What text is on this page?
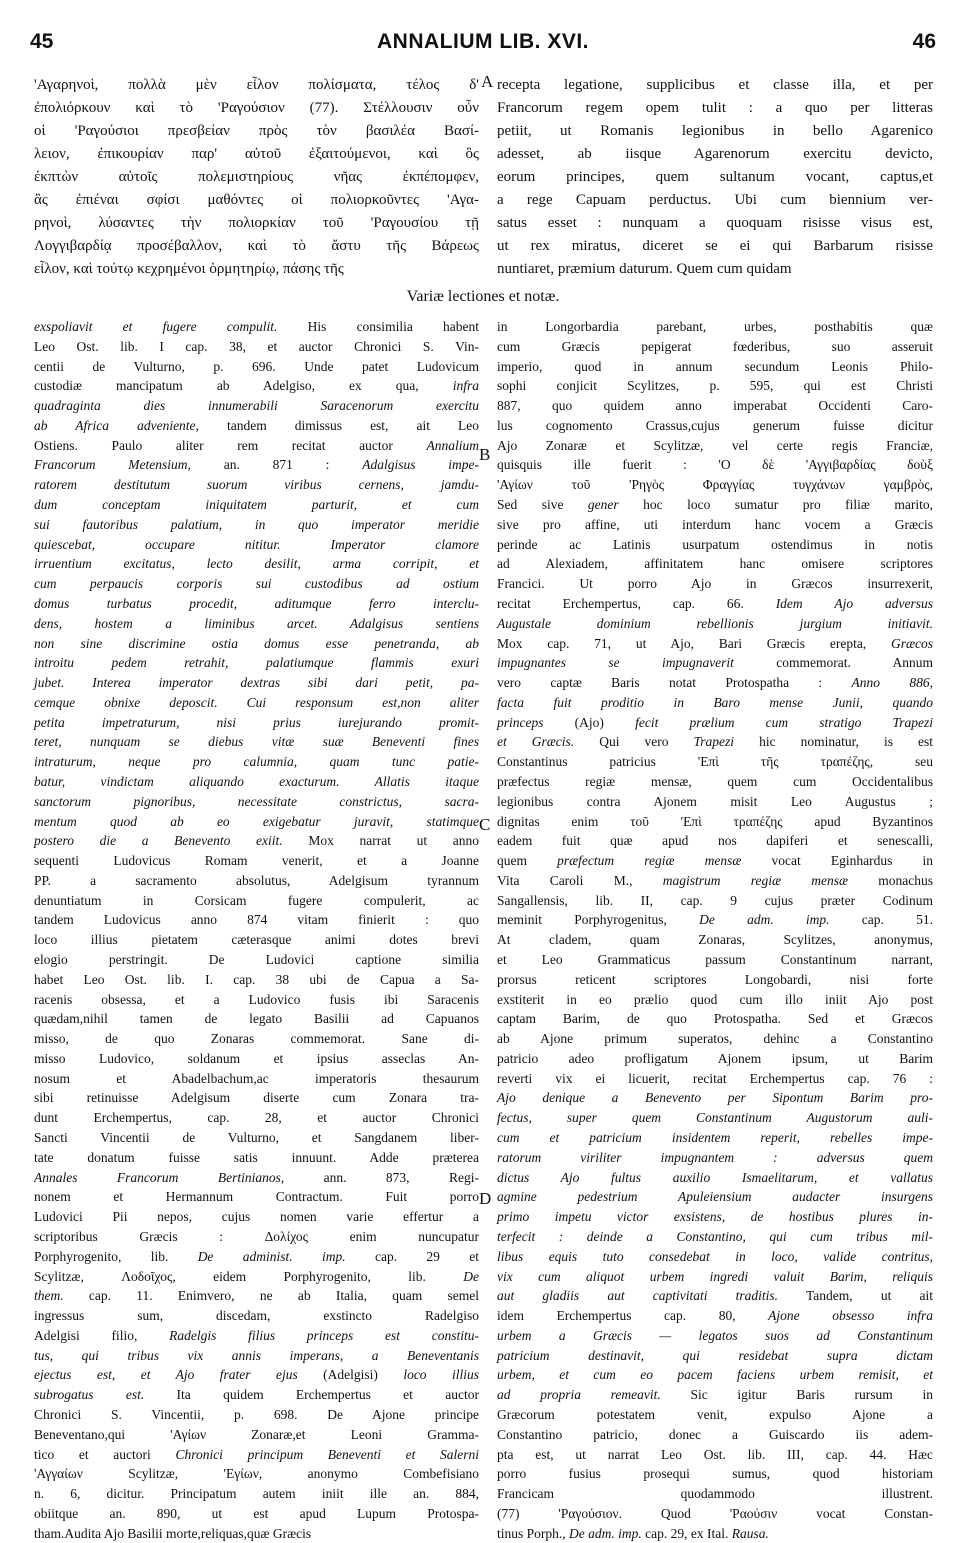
45	ANNALIUM LIB. XVI.	46
'Αγαρηνοὶ, πολλὰ μὲν εἷλον πολίσματα, τέλος δ'
ἐπολιόρκουν καὶ τὸ 'Ραγούσιον (77). Στέλλουσιν οὖν
οἱ 'Ραγούσιοι πρεσβείαν πρὸς τὸν βασιλέα Βασί-
λειον, ἐπικουρίαν παρ' αὐτοῦ ἐξαιτούμενοι, καὶ ὃς
ἐκπτὼν αὐτοῖς πολεμιστηρίους νῆας ἐκπέπομφεν,
ἃς ἐπιέναι σφίσι μαθόντες οἱ πολιορκοῦντες 'Αγα-
ρηνοὶ, λύσαντες τὴν πολιορκίαν τοῦ 'Ραγουσίου τῇ
Λογγιβαρδίᾳ προσέβαλλον, καὶ τὸ ἄστυ τῆς Βάρεως
εἷλον, καὶ τούτῳ κεχρημένοι ὁρμητηρίῳ, πάσης τῆς
recepta legatione, supplicibus et classe illa, et per
Francorum regem opem tulit : a quo per litteras
petiit, ut Romanis legionibus in bello Agarenico
adesset, ab iisque Agarenorum exercitu devicto,
eorum principes, quem sultanum vocant, captus,et
a rege Capuam perductus. Ubi cum biennium ver-
satus esset : nunquam a quoquam risisse visus est,
ut rex miratus, diceret se ei qui Barbarum risisse
nuntiaret, præmium daturum. Quem cum quidam
Variæ lectiones et notæ.
exspoliavit et fugere compulit. His consimilia habent
Leo Ost. lib. I cap. 38, et auctor Chronici S. Vin-
centii de Vulturno, p. 696. Unde patet Ludovicum
custodiæ mancipatum ab Adelgiso, ex qua, infra
quadraginta dies innumerabili Saracenorum exercitu
ab Africa adveniente, tandem dimissus est, ait Leo
Ostiens. Paulo aliter rem recitat auctor Annalium
Francorum Metensium, an. 871 : Adalgisus impe-
ratorem destitutum suorum viribus cernens, jamdu-
dum conceptam iniquitatem parturit, et cum
sui fautoribus palatium, in quo imperator meridie
quiescebat, occupare nititur. Imperator clamore
irruentium excitatus, lecto desilit, arma corripit, et
cum perpaucis corporis sui custodibus ad ostium
domus turbatus procedit, aditumque ferro interclu-
dens, hostem a liminibus arcet. Adalgisus sentiens
non sine discrimine ostia domus esse penetranda, ab
introitu pedem retrahit, palatiumque flammis exuri
jubet. Interea imperator dextras sibi dari petit, pa-
cemque obnixe deposcit. Cui responsum est,non aliter
petita impetraturum, nisi prius iurejurando promit-
teret, nunquam se diebus vitæ suæ Beneventi fines
intraturum, neque pro calumnia, quam tunc patie-
batur, vindictam aliquando exacturum. Allatis itaque
sanctorum pignoribus, necessitate constrictus, sacra-
mentum quod ab eo exigebatur juravit, statimque
postero die a Benevento exiit. Mox narrat ut anno
sequenti Ludovicus Romam venerit, et a Joanne
PP. a sacramento absolutus, Adelgisum tyrannum
denuntiatum in Corsicam fugere compulerit, ac
tandem Ludovicus anno 874 vitam finierit : quo
loco illius pietatem cæterasque animi dotes brevi
elogio perstringit. De Ludovici captione similia
habet Leo Ost. lib. I. cap. 38 ubi de Capua a Sa-
racenis obsessa, et a Ludovico fusis ibi Saracenis
quædam,nihil tamen de legato Basilii ad Capuanos
misso, de quo Zonaras commemorat. Sane di-
misso Ludovico, soldanum et ipsius asseclas An-
nosum et Abadelbachum,ac imperatoris thesaurum
sibi retinuisse Adelgisum diserte cum Zonara tra-
dunt Erchempertus, cap. 28, et auctor Chronici
Sancti Vincentii de Vulturno, et Sangdanem liber-
tate donatum fuisse satis innuunt. Adde prætereа
Annales Francorum Bertinianos, ann. 873, Regi-
nonem et Hermannum Contractum. Fuit porro
Ludovici Pii nepos, cujus nomen varie effertur a
scriptoribus Græcis : Δολίχος enim nuncupatur
Porphyrogenito, lib. De administ. imp. cap. 29 et
Scylitzæ, Λοδοῖχος, eidem Porphyrogenito, lib. De
them. cap. 11. Enimvero, ne ab Italia, quam semel
ingressus sum, discedam, exstincto Radelgiso
Adelgisi filio, Radelgis filius princeps est constitu-
tus, qui tribus vix annis imperans, a Beneventanis
ejectus est, et Ajo frater ejus (Adelgisi) loco illius
subrogatus est. Ita quidem Erchempertus et auctor
Chronici S. Vincentii, p. 698. De Ajone principe
Beneventano,qui 'Αγίων Zonaræ,et Leoni Gramma-
tico et auctori Chronici principum Beneventi et Salerni
'Αγγαίων Scylitzæ, 'Εγίων, anonymo Combefisiano
n. 6, dicitur. Principatum autem iniit ille an. 884,
obiitque an. 890, ut est apud Lupum Protospa-
tham.Audita Ajo Basilii morte,reliquas,quæ Græcis
in Longorbardia parebant, urbes, posthabitis quæ
cum Græcis pepigerat fœderibus, suo asseruit
imperio, quod in annum secundum Leonis Philo-
sophi conjicit Scylitzes, p. 595, qui est Christi
887, quo quidem anno imperabat Occidenti Caro-
lus cognomento Crassus,cujus generum fuisse dicitur
Ajo Zonaræ et Scylitzæ, vel certe regis Franciæ,
quisquis ille fuerit : 'Ο δὲ 'Αγγιβαρδίας δοὺξ
'Αγίων τοῦ 'Ρηγὸς Φραγγίας τυγχάνων γαμβρὸς,
Sed sive gener hoc loco sumatur pro filiæ marito,
sive pro affine, uti interdum hanc vocem a Græcis
perinde ac Latinis usurpatum ostendimus in notis
ad Alexiadem, affinitatem hanc omisere scriptores
Francici. Ut porro Ajo in Græcos insurrexerit,
recitat Erchempertus, cap. 66. Idem Ajo adversus
Augustale dominium rebellionis jurgium initiavit.
Mox cap. 71, ut Ajo, Bari Græcis erepta, Græcos
impugnantes se impugnaverit commemorat. Annum
vero captæ Baris notat Protospatha : Anno 886,
facta fuit proditio in Baro mense Junii, quando
princeps (Ajo) fecit prælium cum stratigo Trapezi
et Græcis. Qui vero Trapezi hic nominatur, is est
Constantinus patricius 'Επὶ τῆς τραπέζης, seu
præfectus regiæ mensæ, quem cum Occidentalibus
legionibus contra Ajonem misit Leo Augustus ;
dignitas enim τοῦ 'Επὶ τραπέζης apud Byzantinos
eadem fuit quæ apud nos dapiferi et senescalli,
quem præfectum regiæ mensæ vocat Eginhardus in
Vita Caroli M., magistrum regiæ mensæ monachus
Sangallensis, lib. II, cap. 9 cujus præter Codinum
meminit Porphyrogenitus, De adm. imp. cap. 51.
At cladem, quam Zonaras, Scylitzes, anonymus,
et Leo Grammaticus passum Constantinum narrant,
prorsus reticent scriptores Longobardi, nisi forte
exstiterit in eo prælio quod cum illo iniit Ajo post
captam Barim, de quo Protospatha. Sed et Græcos
ab Ajone primum superatos, dehinc a Constantino
patricio adeo profligatum Ajonem ipsum, ut Barim
reverti vix ei licuerit, recitat Erchempertus cap. 76 :
Ajo denique a Benevento per Sipontum Barim pro-
fectus, super quem Constantinum Augustorum auli-
cum et patricium insidentem reperit, rebelles impe-
ratorum viriliter impugnantem : adversus quem
dictus Ajo fultus auxilio Ismaelitarum, et vallatus
agmine pedestrium Apuleiensium audacter insurgens
primo impetu victor exsistens, de hostibus plures in-
terfecit : deinde a Constantino, qui cum tribus mil-
libus equis tuto consedebat in loco, valide contritus,
vix cum aliquot urbem ingredi valuit Barim, reliquis
aut gladiis aut captivitati traditis. Tandem, ut ait
idem Erchempertus cap. 80, Ajone obsesso infra
urbem a Græcis — legatos suos ad Constantinum
patricium destinavit, qui residebat supra dictam
urbem, et cum eo pacem faciens urbem remisit, et
ad propria remeavit. Sic igitur Baris rursum in
Græcorum potestatem venit, expulso Ajone a
Constantino patricio, donec a Guiscardo iis adem-
pta est, ut narrat Leo Ost. lib. III, cap. 44. Hæc
porro fusius prosequi sumus, quod historiam
Francicam quodammodo illustrent.
(77) 'Ραγούσιον. Quod 'Ραούσιν vocat Constan-
tinus Porph., De adm. imp. cap. 29, ex Ital. Rausa.
A
B
C
D
